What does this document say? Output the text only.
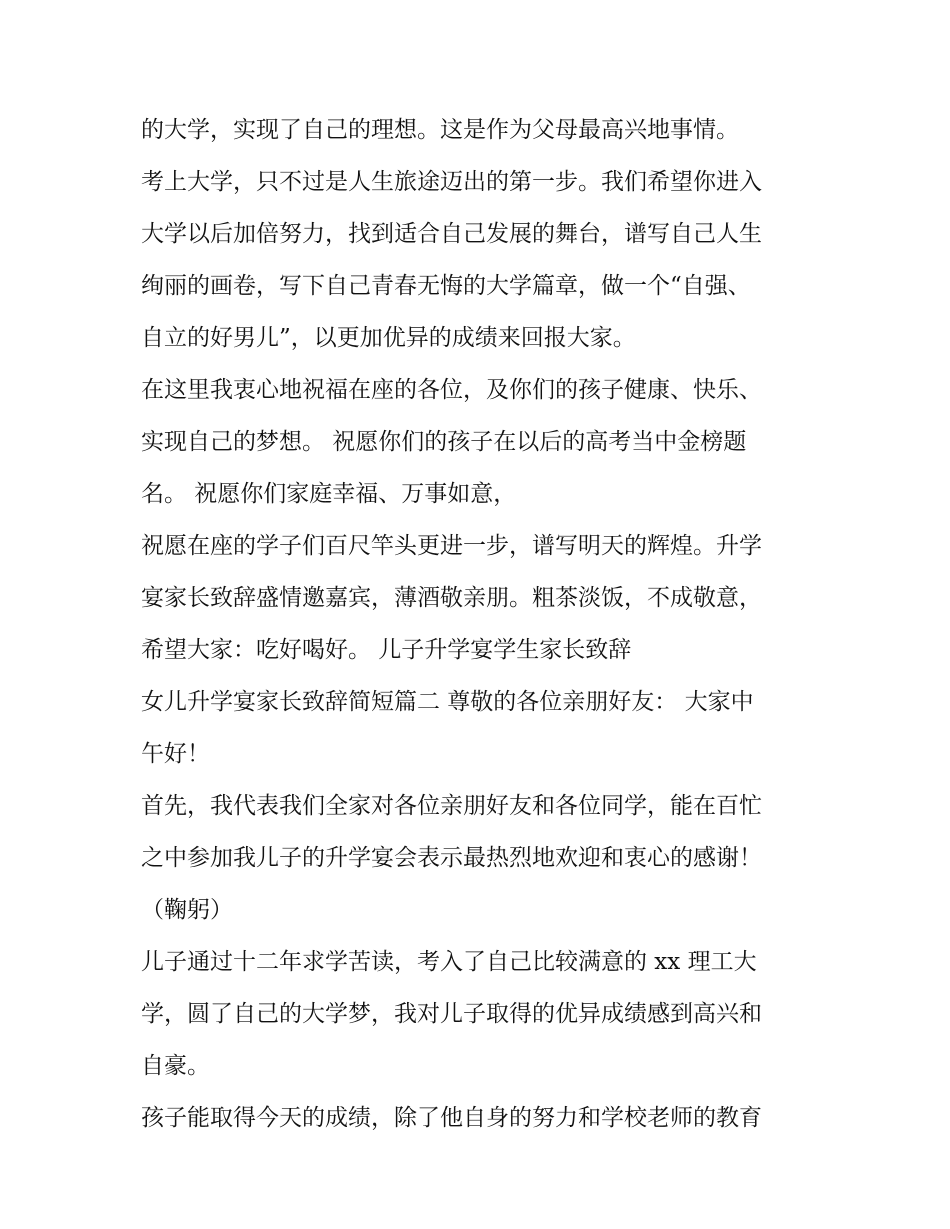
的大学，实现了自己的理想。这是作为父母最高兴地事情。
考上大学，只不过是人生旅途迈出的第一步。我们希望你进入
大学以后加倍努力，找到适合自己发展的舞台，谱写自己人生
绚丽的画卷，写下自己青春无悔的大学篇章，做一个“自强、
自立的好男儿”，以更加优异的成绩来回报大家。
在这里我衷心地祝福在座的各位，及你们的孩子健康、快乐、
实现自己的梦想。 祝愿你们的孩子在以后的高考当中金榜题
名。 祝愿你们家庭幸福、万事如意，
祝愿在座的学子们百尺竿头更进一步，谱写明天的辉煌。升学
宴家长致辞盛情邀嘉宾，薄酒敬亲朋。粗茶淡饭，不成敬意，
希望大家：吃好喝好。 儿子升学宴学生家长致辞
女儿升学宴家长致辞简短篇二 尊敬的各位亲朋好友： 大家中
午好！
首先，我代表我们全家对各位亲朋好友和各位同学，能在百忙
之中参加我儿子的升学宴会表示最热烈地欢迎和衷心的感谢！
（鞠躬）
儿子通过十二年求学苦读，考入了自己比较满意的 xx 理工大
学，圆了自己的大学梦，我对儿子取得的优异成绩感到高兴和
自豪。
孩子能取得今天的成绩，除了他自身的努力和学校老师的教育
